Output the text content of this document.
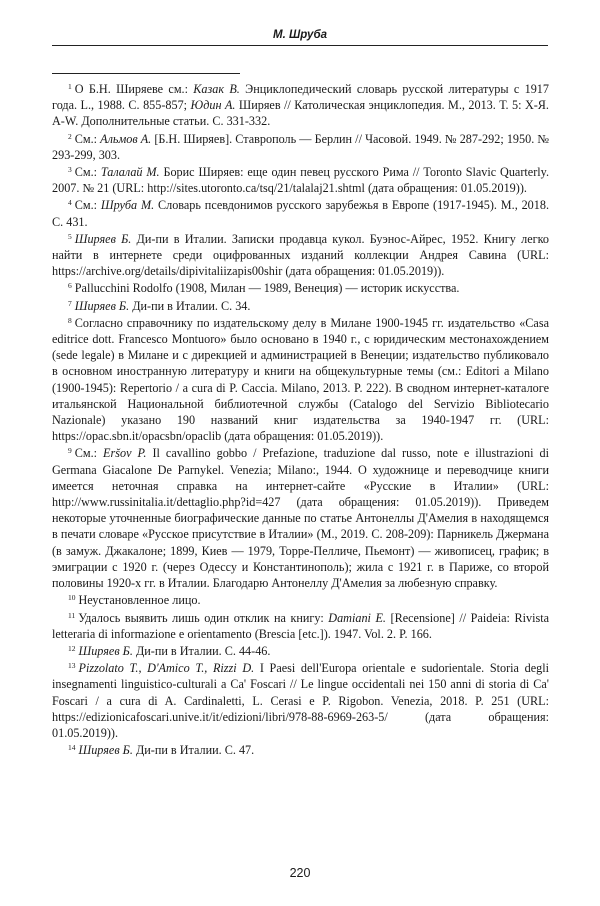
М. Шруба

$^1$ О Б.Н. Ширяеве см.: Казак В. Энциклопедический словарь русской литературы с 1917 года. L., 1988. С. 855-857; Юдин А. Ширяев // Католическая энциклопедия. М., 2013. Т. 5: Х-Я. А-W. Дополнительные статьи. С. 331-332.

$^2$ См.: Альмов А. [Б.Н. Ширяев]. Ставрополь — Берлин // Часовой. 1949. № 287-292; 1950. № 293-299, 303.

$^3$ См.: Талалай М. Борис Ширяев: еще один певец русского Рима // Toronto Slavic Quarterly. 2007. № 21 (URL: http://sites.utoronto.ca/tsq/21/talalaj21.shtml (дата обращения: 01.05.2019)).

$^4$ См.: Шруба М. Словарь псевдонимов русского зарубежья в Европе (1917-1945). М., 2018. С. 431.

$^5$ Ширяев Б. Ди-пи в Италии. Записки продавца кукол. Буэнос-Айрес, 1952. Книгу легко найти в интернете среди оцифрованных изданий коллекции Андрея Савина (URL: https://archive.org/details/dipivitaliizapis00shir (дата обращения: 01.05.2019)).

$^6$ Pallucchini Rodolfo (1908, Милан — 1989, Венеция) — историк искусства.

$^7$ Ширяев Б. Ди-пи в Италии. С. 34.

$^8$ Согласно справочнику по издательскому делу в Милане 1900-1945 гг. издательство «Casa editrice dott. Francesco Montuoro» было основано в 1940 г., с юридическим местонахождением (sede legale) в Милане и с дирекцией и администрацией в Венеции; издательство публиковало в основном иностранную литературу и книги на общекультурные темы (см.: Editori a Milano (1900-1945): Repertorio / a cura di P. Caccia. Milano, 2013. P. 222). В сводном интернет-каталоге итальянской Национальной библиотечной службы (Catalogo del Servizio Bibliotecario Nazionale) указано 190 названий книг издательства за 1940-1947 гг. (URL: https://opac.sbn.it/opacsbn/opaclib (дата обращения: 01.05.2019)).

$^9$ См.: Eršov P. Il cavallino gobbo / Prefazione, traduzione dal russo, note e illustrazioni di Germana Giacalone De Parnykel. Venezia; Milano:, 1944. О художнице и переводчице книги имеется неточная справка на интернет-сайте «Русские в Италии» (URL: http://www.russinitalia.it/dettaglio.php?id=427 (дата обращения: 01.05.2019)). Приведем некоторые уточненные биографические данные по статье Антонеллы Д'Амелия в находящемся в печати словаре «Русское присутствие в Италии» (М., 2019. С. 208-209): Парникель Джермана (в замуж. Джакалоне; 1899, Киев — 1979, Торре-Пелличе, Пьемонт) — живописец, график; в эмиграции с 1920 г. (через Одессу и Константинополь); жила с 1921 г. в Париже, со второй половины 1920-х гг. в Италии. Благодарю Антонеллу Д'Амелия за любезную справку.

$^{10}$ Неустановленное лицо.

$^{11}$ Удалось выявить лишь один отклик на книгу: Damiani E. [Recensione] // Paideia: Rivista letteraria di informazione e orientamento (Brescia [etc.]). 1947. Vol. 2. P. 166.

$^{12}$ Ширяев Б. Ди-пи в Италии. С. 44-46.

$^{13}$ Pizzolato T., D'Amico T., Rizzi D. I Paesi dell'Europa orientale e sudorientale. Storia degli insegnamenti linguistico-culturali a Ca' Foscari // Le lingue occidentali nei 150 anni di storia di Ca' Foscari / a cura di A. Cardinaletti, L. Cerasi e P. Rigobon. Venezia, 2018. P. 251 (URL: https://edizionicafoscari.unive.it/it/edizioni/libri/978-88-6969-263-5/ (дата обращения: 01.05.2019)).

$^{14}$ Ширяев Б. Ди-пи в Италии. С. 47.

220
